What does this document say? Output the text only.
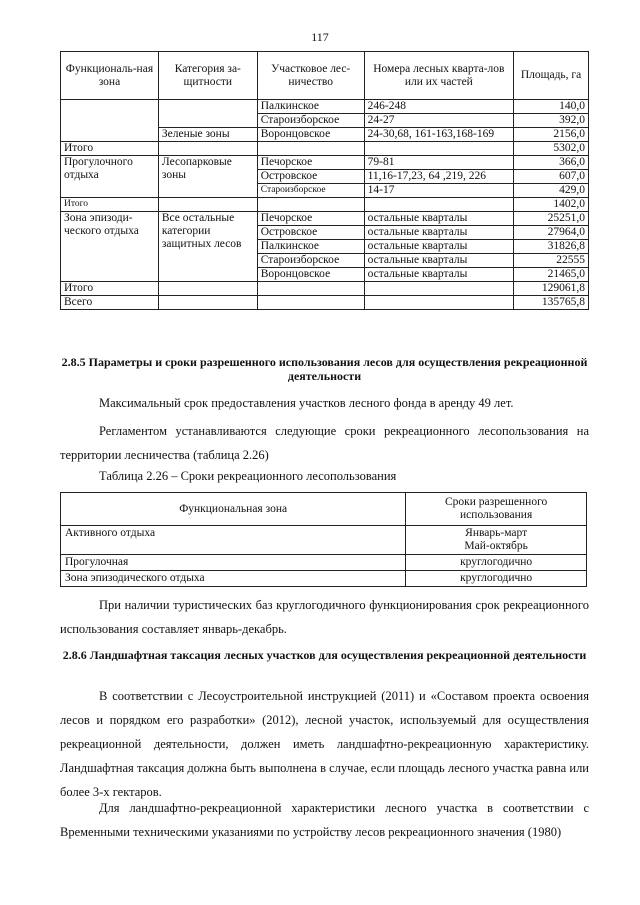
117
Функциональ-ная зона	Категория за-щитности	Участковое лес-ничество	Номера лесных кварта-лов или их частей	Площадь, га
		Палкинское	246-248	140,0
		Староизборское	24-27	392,0
	Зеленые зоны	Воронцовское	24-30,68, 161-163,168-169	2156,0
Итого				5302,0
Прогулочного отдыха	Лесопарковые зоны	Печорское	79-81	366,0
		Островское	11,16-17,23, 64 ,219, 226	607,0
		Староизборское	14-17	429,0
Итого				1402,0
Зона эпизоди-ческого отдыха	Все остальные категории защитных лесов	Печорское	остальные кварталы	25251,0
		Островское	остальные кварталы	27964,0
		Палкинское	остальные кварталы	31826,8
		Староизборское	остальные кварталы	22555
		Воронцовское	остальные кварталы	21465,0
Итого				129061,8
Всего				135765,8
2.8.5 Параметры и сроки разрешенного использования лесов для осуществления рекреационной деятельности
Максимальный срок предоставления участков лесного фонда в аренду 49 лет.
Регламентом устанавливаются следующие сроки рекреационного лесопользования на территории лесничества (таблица 2.26)
Таблица 2.26 – Сроки рекреационного лесопользования
Функциональная зона	Сроки разрешенного использования
Активного отдыха	Январь-март
Май-октябрь
Прогулочная	круглогодично
Зона эпизодического отдыха	круглогодично
При наличии туристических баз круглогодичного функционирования срок рекреационного использования составляет январь-декабрь.
2.8.6 Ландшафтная таксация лесных участков для осуществления рекреационной деятельности
В соответствии с Лесоустроительной инструкцией (2011) и «Составом проекта освоения лесов и порядком его разработки» (2012), лесной участок, используемый для осуществления рекреационной деятельности, должен иметь ландшафтно-рекреационную характеристику. Ландшафтная таксация должна быть выполнена в случае, если площадь лесного участка равна или более 3-х гектаров.
Для ландшафтно-рекреационной характеристики лесного участка в соответствии с Временными техническими указаниями по устройству лесов рекреационного значения (1980)
